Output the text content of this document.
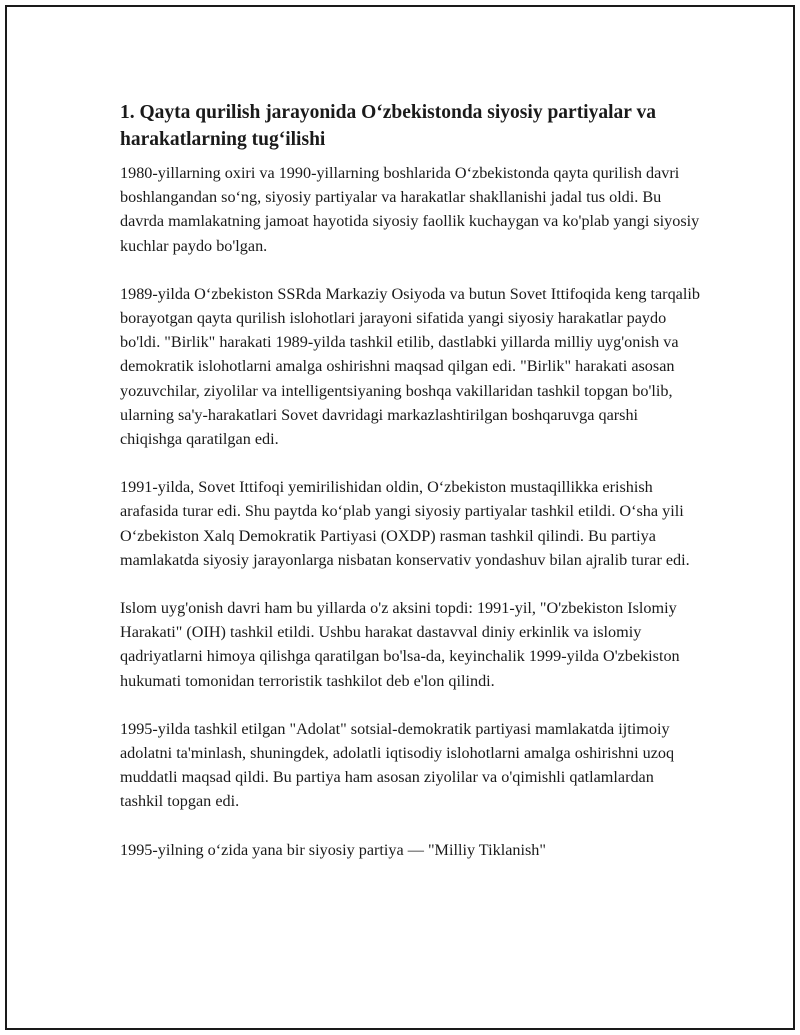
1. Qayta qurilish jarayonida O‘zbekistonda siyosiy partiyalar va harakatlarning tug‘ilishi

1980-yillarning oxiri va 1990-yillarning boshlarida O‘zbekistonda qayta qurilish davri boshlangandan so‘ng, siyosiy partiyalar va harakatlar shakllanishi jadal tus oldi. Bu davrda mamlakatning jamoat hayotida siyosiy faollik kuchaygan va ko'plab yangi siyosiy kuchlar paydo bo'lgan.

1989-yilda O‘zbekiston SSRda Markaziy Osiyoda va butun Sovet Ittifoqida keng tarqalib borayotgan qayta qurilish islohotlari jarayoni sifatida yangi siyosiy harakatlar paydo bo'ldi. "Birlik" harakati 1989-yilda tashkil etilib, dastlabki yillarda milliy uyg'onish va demokratik islohotlarni amalga oshirishni maqsad qilgan edi. "Birlik" harakati asosan yozuvchilar, ziyolilar va intelligentsiyaning boshqa vakillaridan tashkil topgan bo'lib, ularning sa'y-harakatlari Sovet davridagi markazlashtirilgan boshqaruvga qarshi chiqishga qaratilgan edi.

1991-yilda, Sovet Ittifoqi yemirilishidan oldin, O‘zbekiston mustaqillikka erishish arafasida turar edi. Shu paytda ko‘plab yangi siyosiy partiyalar tashkil etildi. O‘sha yili O‘zbekiston Xalq Demokratik Partiyasi (OXDP) rasman tashkil qilindi. Bu partiya mamlakatda siyosiy jarayonlarga nisbatan konservativ yondashuv bilan ajralib turar edi.

Islom uyg'onish davri ham bu yillarda o'z aksini topdi: 1991-yil, "O'zbekiston Islomiy Harakati" (OIH) tashkil etildi. Ushbu harakat dastavval diniy erkinlik va islomiy qadriyatlarni himoya qilishga qaratilgan bo'lsa-da, keyinchalik 1999-yilda O'zbekiston hukumati tomonidan terroristik tashkilot deb e'lon qilindi.

1995-yilda tashkil etilgan "Adolat" sotsial-demokratik partiyasi mamlakatda ijtimoiy adolatni ta'minlash, shuningdek, adolatli iqtisodiy islohotlarni amalga oshirishni uzoq muddatli maqsad qildi. Bu partiya ham asosan ziyolilar va o'qimishli qatlamlardan tashkil topgan edi.

1995-yilning o‘zida yana bir siyosiy partiya — "Milliy Tiklanish"
